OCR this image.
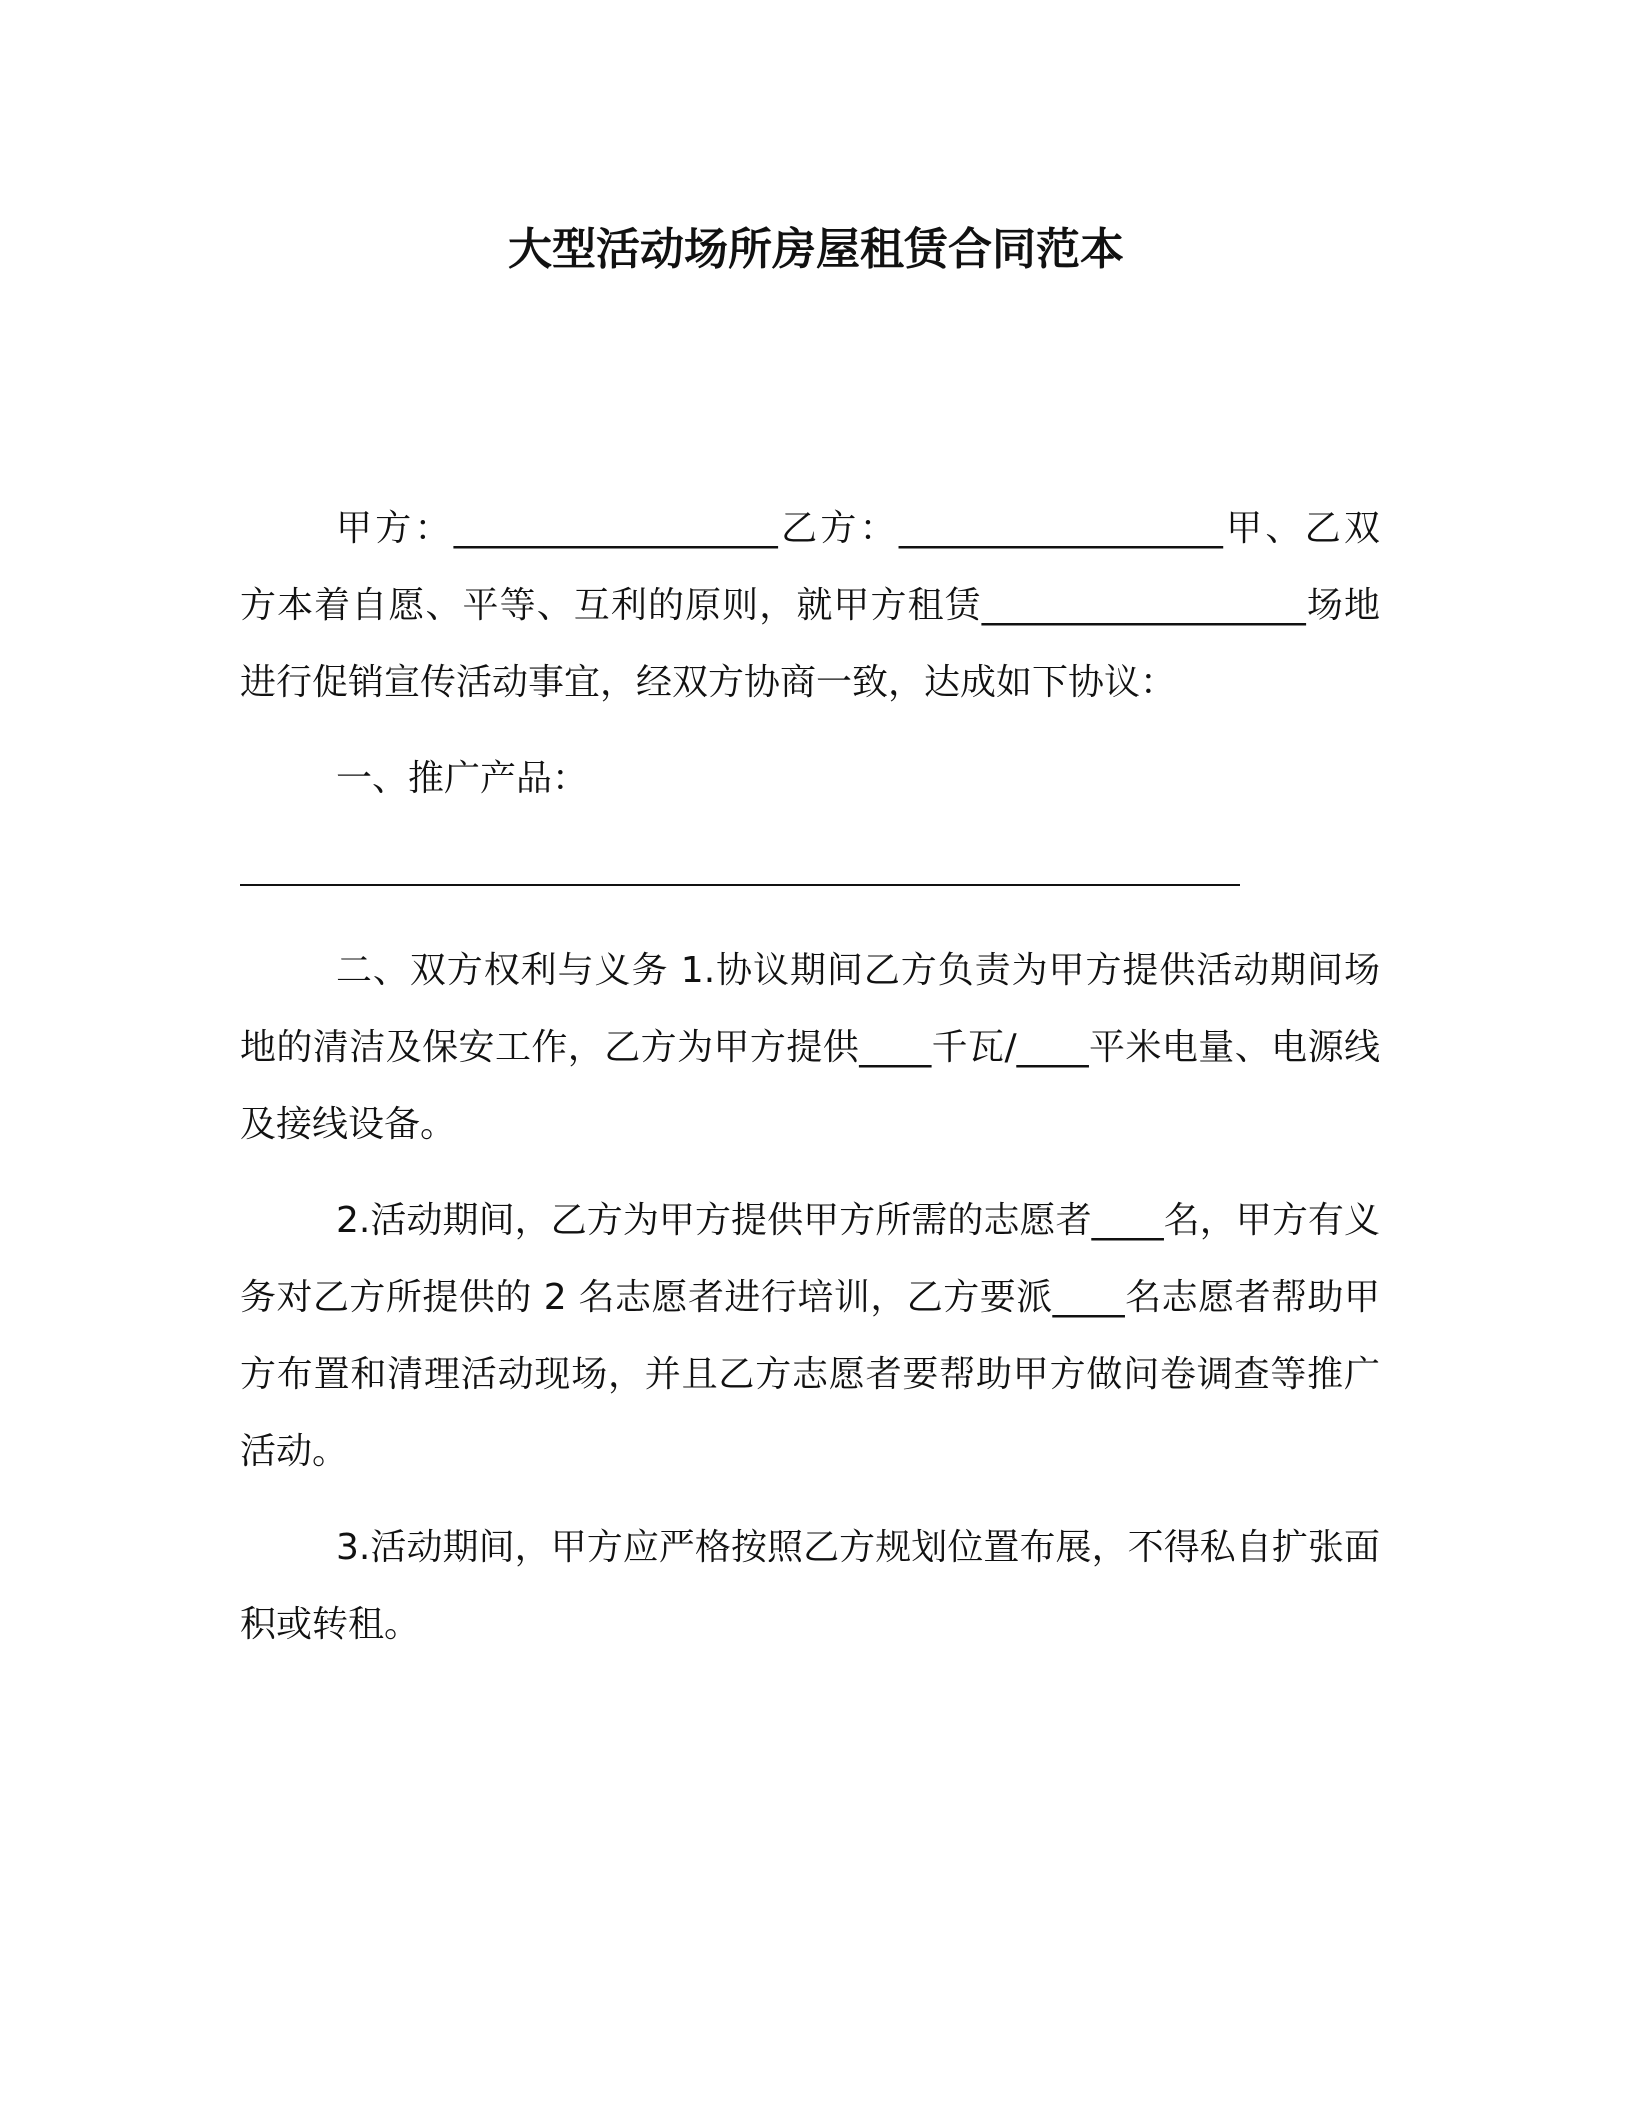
大型活动场所房屋租赁合同范本

甲方：__________________乙方：__________________甲、乙双方本着自愿、平等、互利的原则，就甲方租赁__________________场地进行促销宣传活动事宜，经双方协商一致，达成如下协议：

一、推广产品：

二、双方权利与义务 1.协议期间乙方负责为甲方提供活动期间场地的清洁及保安工作，乙方为甲方提供____千瓦/____平米电量、电源线及接线设备。

2.活动期间，乙方为甲方提供甲方所需的志愿者____名，甲方有义务对乙方所提供的 2 名志愿者进行培训，乙方要派____名志愿者帮助甲方布置和清理活动现场，并且乙方志愿者要帮助甲方做问卷调查等推广活动。

3.活动期间，甲方应严格按照乙方规划位置布展，不得私自扩张面积或转租。
